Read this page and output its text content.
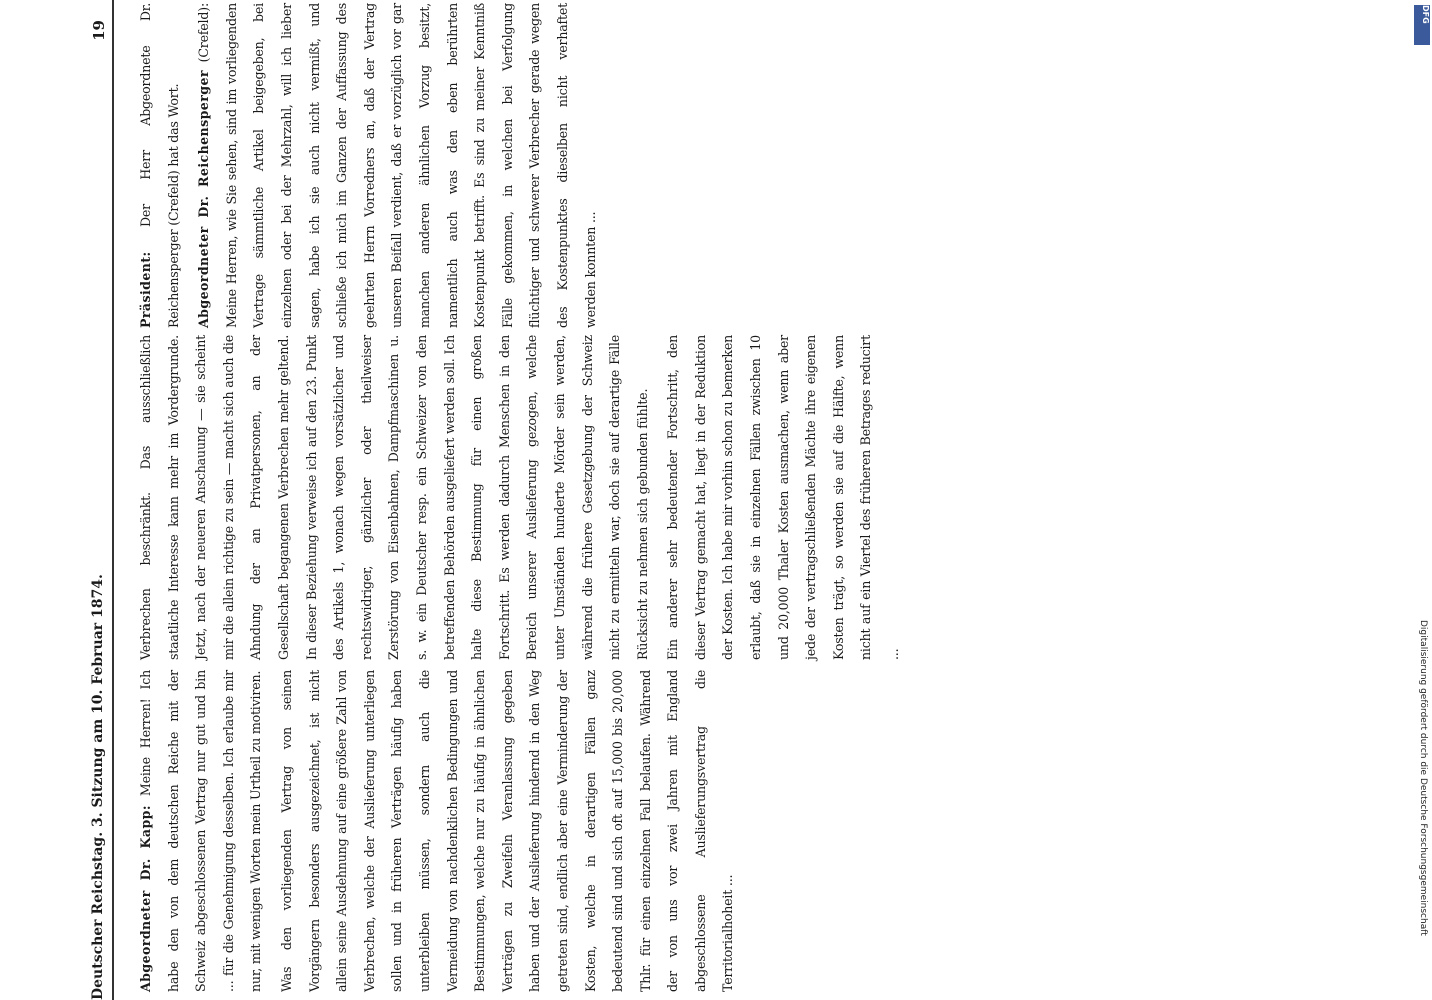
Deutscher Reichstag. 3. Sitzung am 10. Februar 1874.
19

Abgeordneter Dr. Kapp: Meine Herren! Ich habe den von dem deutschen Reiche mit der Schweiz abgeschlossenen Vertrag nur gut und bin ... für die Genehmigung desselben. Ich erlaube mir nur, mit wenigen Worten mein Urtheil zu motiviren.	Was den vorliegenden Vertrag von seinen Vorgängern besonders ausgezeichnet, ist nicht allein seine Ausdehnung auf eine größere Zahl von Verbrechen, welche der Auslieferung unterliegen sollen und in früheren Verträgen häufig haben unterbleiben müssen, sondern auch die Vermeidung von nachdenklichen Bedingungen und Bestimmungen, welche nur zu häufig in ähnlichen Verträgen zu Zweifeln Veranlassung gegeben haben und der Auslieferung hindernd in den Weg getreten sind, endlich aber eine Verminderung der Kosten, welche in derartigen Fällen ganz bedeutend sind und sich oft auf 15,000 bis 20,000 Thlr. für einen einzelnen Fall belaufen. Während der von uns vor zwei Jahren mit England abgeschlossene Auslieferungsvertrag die Territorialhoheit ...

Verbrechen beschränkt. Das ausschließlich staatliche Interesse kann mehr im Vordergrunde. Jetzt, nach der neueren Anschauung — sie scheint mir die allein richtige zu sein — macht sich auch die Ahndung der an Privatpersonen, an der Gesellschaft begangenen Verbrechen mehr geltend. In dieser Beziehung verweise ich auf den 23. Punkt des Artikels 1, wonach wegen vorsätzlicher und rechtswidriger, gänzlicher oder theilweiser Zerstörung von Eisenbahnen, Dampfmaschinen u. s. w. ein Deutscher resp. ein Schweizer von den betreffenden Behörden ausgeliefert werden soll. Ich halte diese Bestimmung für einen großen Fortschritt. Es werden dadurch Menschen in den Bereich unserer Auslieferung gezogen, welche unter Umständen hunderte Mörder sein werden, während die frühere Gesetzgebung der Schweiz nicht zu ermitteln war, doch sie auf derartige Fälle Rücksicht zu nehmen sich gebunden fühlte.	Ein anderer sehr bedeutender Fortschritt, den dieser Vertrag gemacht hat, liegt in der Reduktion der Kosten. Ich habe mir vorhin schon zu bemerken erlaubt, daß sie in einzelnen Fällen zwischen 10 und 20,000 Thaler Kosten ausmachen, wenn aber jede der vertragschließenden Mächte ihre eigenen Kosten trägt, so werden sie auf die Hälfte, wenn nicht auf ein Viertel des früheren Betrages reducirt ...

Präsident: Der Herr Abgeordnete Dr. Reichensperger (Crefeld) hat das Wort.	Abgeordneter Dr. Reichensperger (Crefeld): Meine Herren, wie Sie sehen, sind im vorliegenden Vertrage sämmtliche Artikel beigegeben, bei einzelnen oder bei der Mehrzahl, will ich lieber sagen, habe ich sie auch nicht vermißt, und schließe ich mich im Ganzen der Auffassung des geehrten Herrn Vorredners an, daß der Vertrag unseren Beifall verdient, daß er vorzüglich vor gar manchen anderen ähnlichen Vorzug besitzt, namentlich auch was den eben berührten Kostenpunkt betrifft. Es sind zu meiner Kenntniß Fälle gekommen, in welchen bei Verfolgung flüchtiger und schwerer Verbrecher gerade wegen des Kostenpunktes dieselben nicht verhaftet werden konnten ...

DFG
Digitalisierung gefördert durch die Deutsche Forschungsgemeinschaft
